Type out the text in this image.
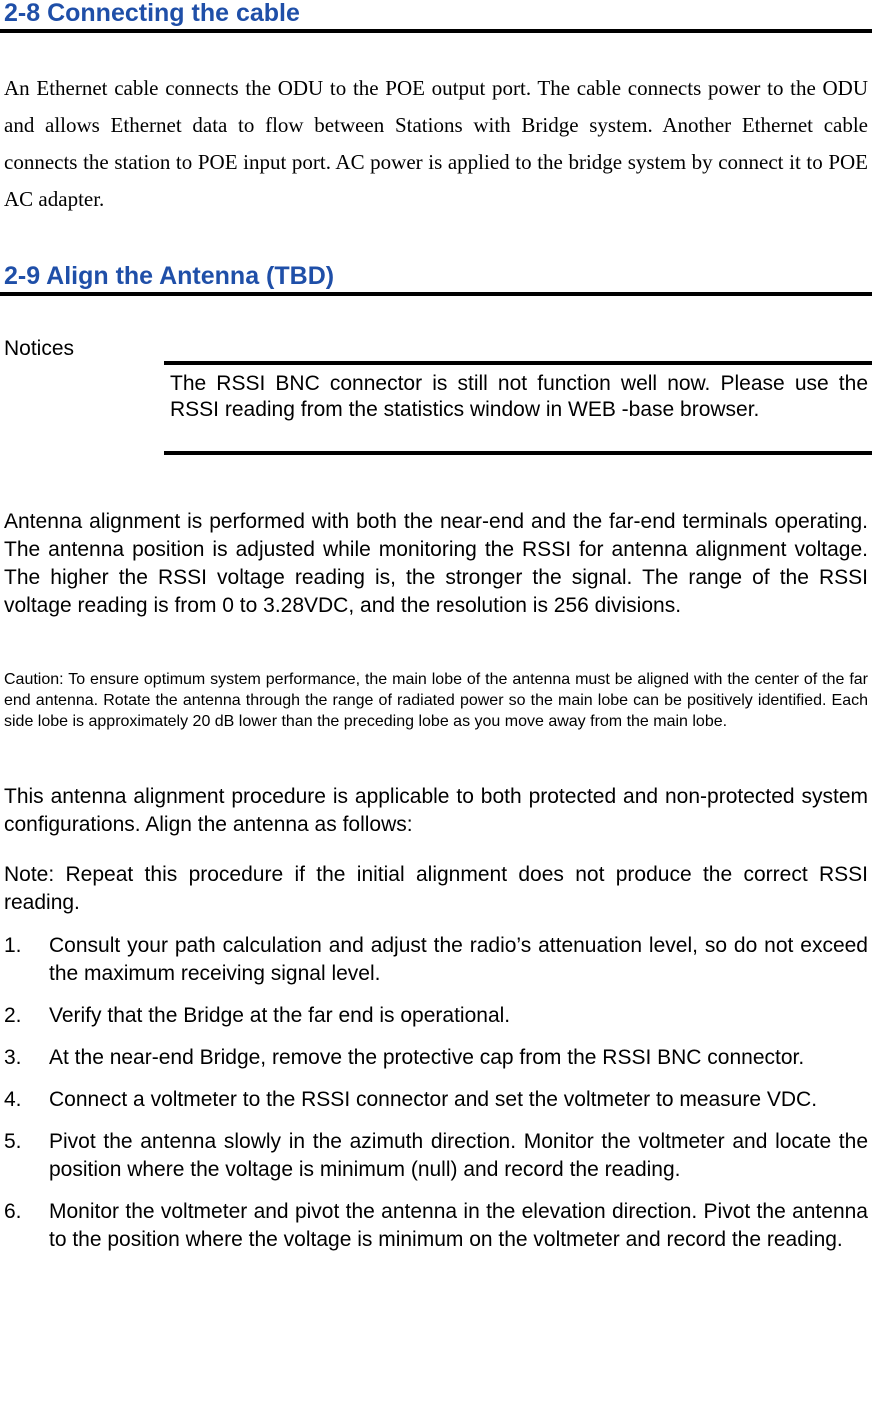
2-8 Connecting the cable
An Ethernet cable connects the ODU to the POE output port. The cable connects power to the ODU and allows Ethernet data to flow between Stations with Bridge system. Another Ethernet cable connects the station to POE input port. AC power is applied to the bridge system by connect it to POE AC adapter.
2-9 Align the Antenna (TBD)
Notices
The RSSI BNC connector is still not function well now. Please use the RSSI reading from the statistics window in WEB -base browser.
Antenna alignment is performed with both the near-end and the far-end terminals operating. The antenna position is adjusted while monitoring the RSSI for antenna alignment voltage. The higher the RSSI voltage reading is, the stronger the signal. The range of the RSSI voltage reading is from 0 to 3.28VDC, and the resolution is 256 divisions.
Caution: To ensure optimum system performance, the main lobe of the antenna must be aligned with the center of the far end antenna. Rotate the antenna through the range of radiated power so the main lobe can be positively identified. Each side lobe is approximately 20 dB lower than the preceding lobe as you move away from the main lobe.
This antenna alignment procedure is applicable to both protected and non-protected system configurations. Align the antenna as follows:
Note: Repeat this procedure if the initial alignment does not produce the correct RSSI reading.
1. Consult your path calculation and adjust the radio’s attenuation level, so do not exceed the maximum receiving signal level.
2. Verify that the Bridge at the far end is operational.
3. At the near-end Bridge, remove the protective cap from the RSSI BNC connector.
4. Connect a voltmeter to the RSSI connector and set the voltmeter to measure VDC.
5. Pivot the antenna slowly in the azimuth direction. Monitor the voltmeter and locate the position where the voltage is minimum (null) and record the reading.
6. Monitor the voltmeter and pivot the antenna in the elevation direction. Pivot the antenna to the position where the voltage is minimum on the voltmeter and record the reading.
